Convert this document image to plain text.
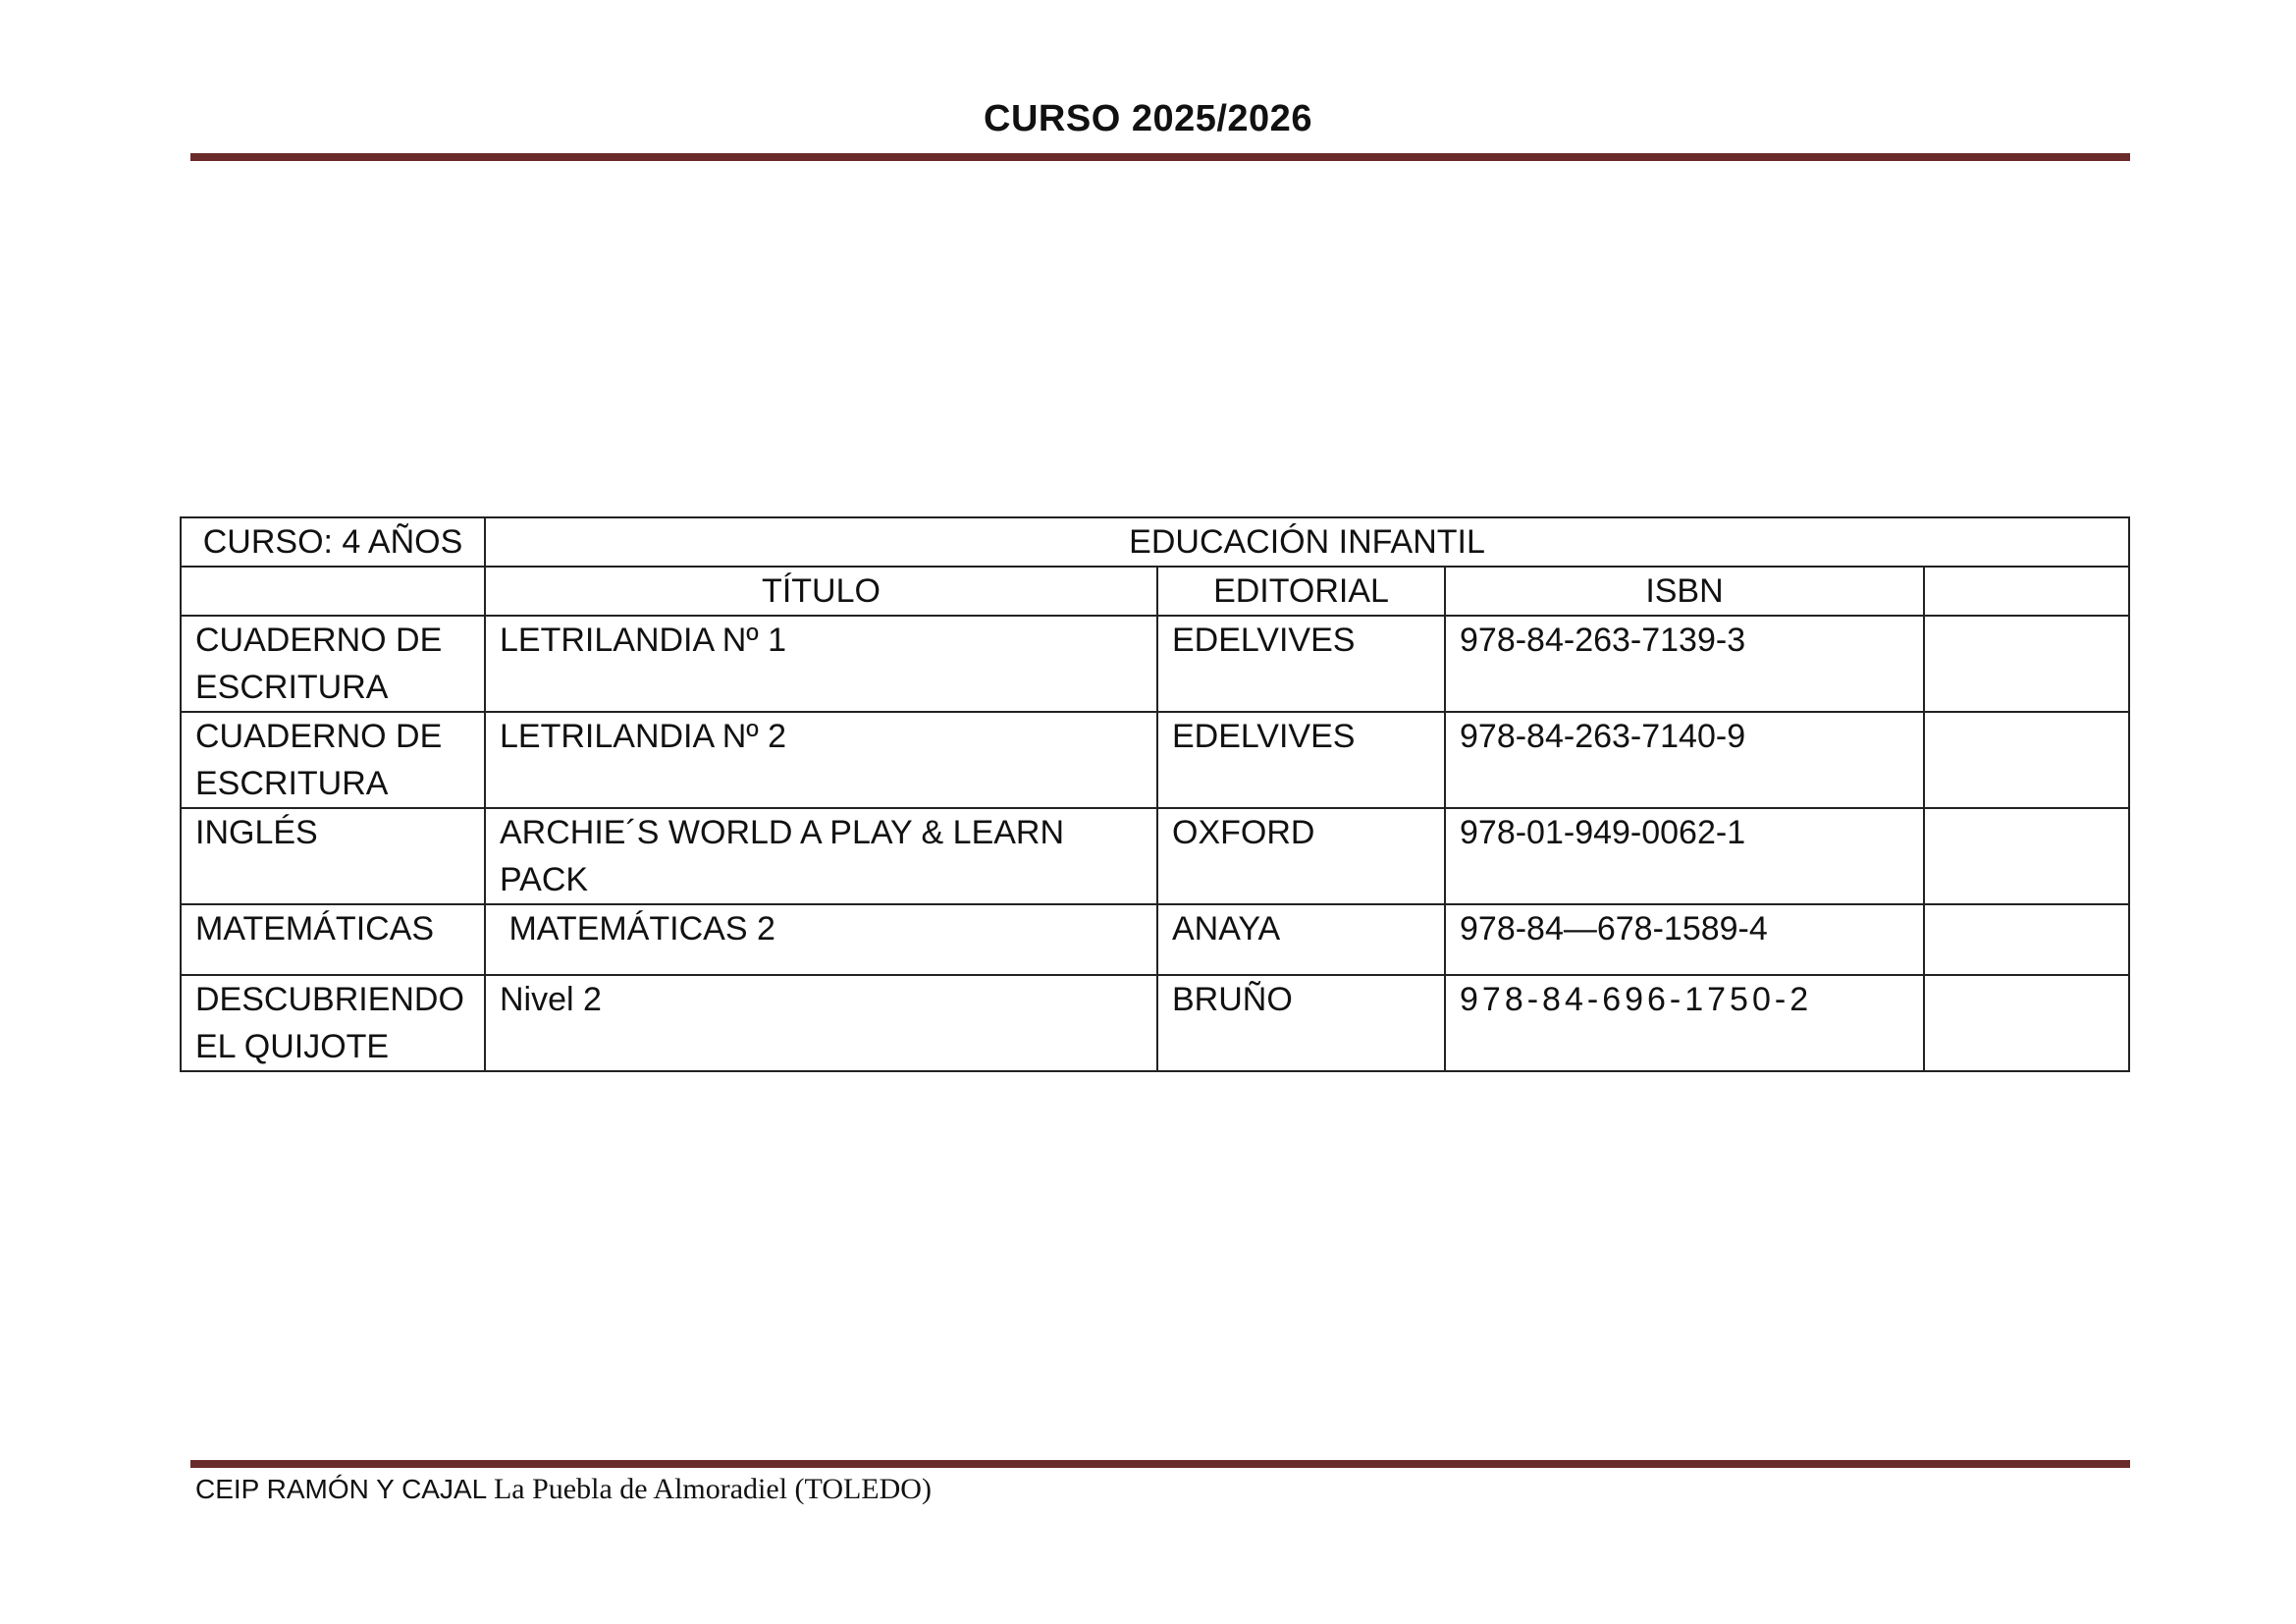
CURSO 2025/2026
CURSO: 4 AÑOS	EDUCACIÓN INFANTIL			
	TÍTULO	EDITORIAL	ISBN	
CUADERNO DE ESCRITURA	LETRILANDIA Nº 1	EDELVIVES	978-84-263-7139-3	
CUADERNO DE ESCRITURA	LETRILANDIA Nº 2	EDELVIVES	978-84-263-7140-9	
INGLÉS	ARCHIE´S WORLD A PLAY & LEARN PACK	OXFORD	978-01-949-0062-1	
MATEMÁTICAS	MATEMÁTICAS 2	ANAYA	978-84—678-1589-4	
DESCUBRIENDO EL QUIJOTE	Nivel 2	BRUÑO	978-84-696-1750-2	
CEIP RAMÓN Y CAJAL La Puebla de Almoradiel (TOLEDO)
